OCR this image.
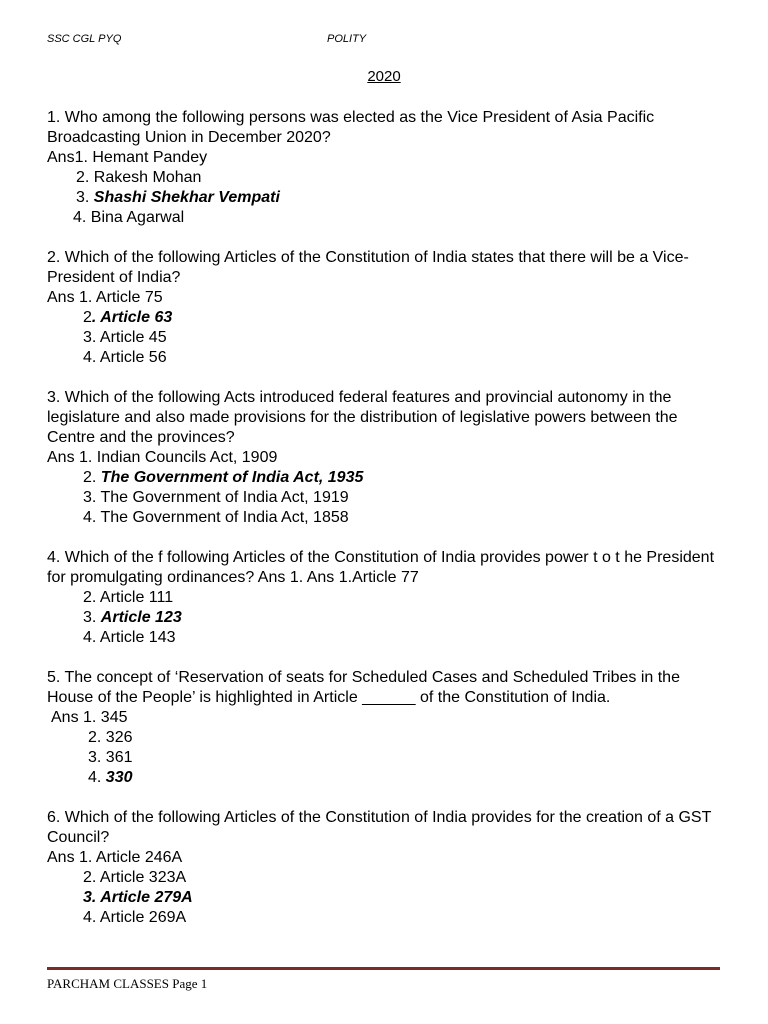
SSC CGL PYQ	POLITY
2020

1. Who among the following persons was elected as the Vice President of Asia Pacific Broadcasting Union in December 2020?

Ans1. Hemant Pandey

2. Rakesh Mohan

3. Shashi Shekhar Vempati

4. Bina Agarwal

2. Which of the following Articles of the Constitution of India states that there will be a Vice-President of India?

Ans 1. Article 75

2. Article 63

3. Article 45

4. Article 56

3. Which of the following Acts introduced federal features and provincial autonomy in the legislature and also made provisions for the distribution of legislative powers between the Centre and the provinces?

Ans 1. Indian Councils Act, 1909

2. The Government of India Act, 1935

3. The Government of India Act, 1919

4. The Government of India Act, 1858

4. Which of the f following Articles of the Constitution of India provides power t o t he President for promulgating ordinances? Ans 1. Ans 1.Article 77

2. Article 111

3. Article 123

4. Article 143

5. The concept of ‘Reservation of seats for Scheduled Cases and Scheduled Tribes in the House of the People’ is highlighted in Article ______ of the Constitution of India.

Ans 1. 345

2. 326

3. 361

4. 330

6. Which of the following Articles of the Constitution of India provides for the creation of a GST Council?

Ans 1. Article 246A

2. Article 323A

3. Article 279A

4. Article 269A

PARCHAM CLASSES Page 1
